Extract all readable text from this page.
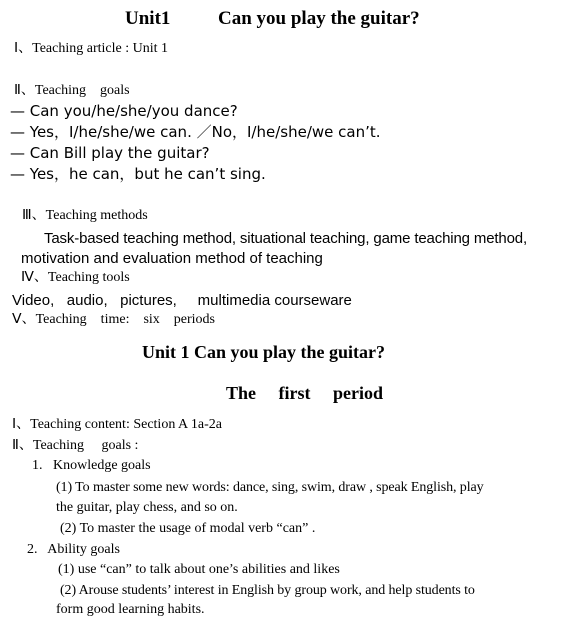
Unit1	Can you play the guitar?
Ⅰ、Teaching article : Unit 1
Ⅱ、Teaching    goals
— Can you/he/she/you dance?
— Yes，I/he/she/we can. ／No，I/he/she/we can’t.
— Can Bill play the guitar?
— Yes，he can，but he can’t sing.
Ⅲ、Teaching methods
Task-based teaching method, situational teaching, game teaching method,
motivation and evaluation method of teaching
Ⅳ、Teaching tools
Video,   audio,   pictures,     multimedia courseware
Ⅴ、Teaching    time:    six    periods
Unit 1 Can you play the guitar?
The     first     period
Ⅰ、Teaching content: Section A 1a-2a
Ⅱ、Teaching     goals :
1.   Knowledge goals
(1) To master some new words: dance, sing, swim, draw , speak English, play
the guitar, play chess, and so on.
(2) To master the usage of modal verb “can” .
2.   Ability goals
(1) use “can” to talk about one’s abilities and likes
(2) Arouse students’ interest in English by group work, and help students to
form good learning habits.
